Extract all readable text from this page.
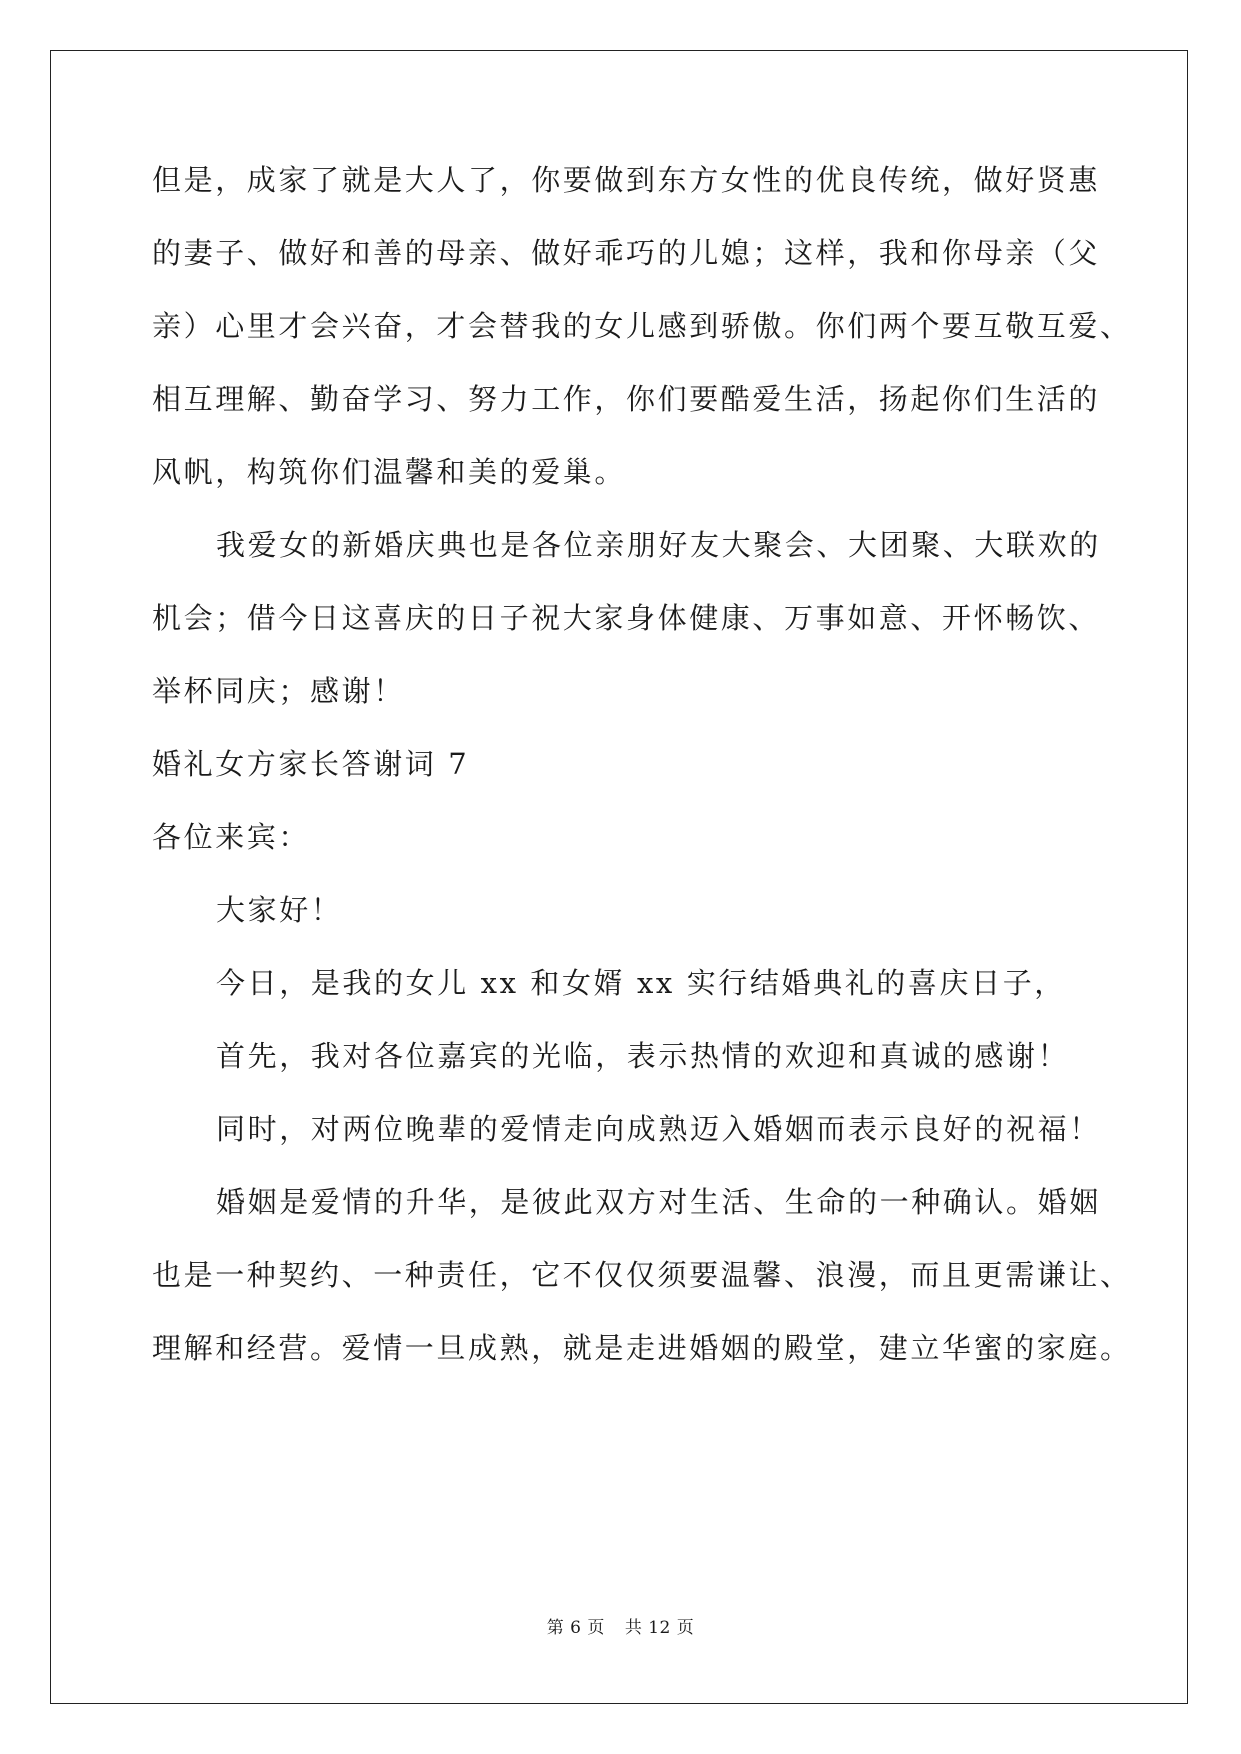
但是，成家了就是大人了，你要做到东方女性的优良传统，做好贤惠
的妻子、做好和善的母亲、做好乖巧的儿媳；这样，我和你母亲（父
亲）心里才会兴奋，才会替我的女儿感到骄傲。你们两个要互敬互爱、
相互理解、勤奋学习、努力工作，你们要酷爱生活，扬起你们生活的
风帆，构筑你们温馨和美的爱巢。
我爱女的新婚庆典也是各位亲朋好友大聚会、大团聚、大联欢的
机会；借今日这喜庆的日子祝大家身体健康、万事如意、开怀畅饮、
举杯同庆；感谢！
婚礼女方家长答谢词 7
各位来宾：
大家好！
今日，是我的女儿 xx 和女婿 xx 实行结婚典礼的喜庆日子，
首先，我对各位嘉宾的光临，表示热情的欢迎和真诚的感谢！
同时，对两位晚辈的爱情走向成熟迈入婚姻而表示良好的祝福！
婚姻是爱情的升华，是彼此双方对生活、生命的一种确认。婚姻
也是一种契约、一种责任，它不仅仅须要温馨、浪漫，而且更需谦让、
理解和经营。爱情一旦成熟，就是走进婚姻的殿堂，建立华蜜的家庭。
第 6 页 共 12 页
